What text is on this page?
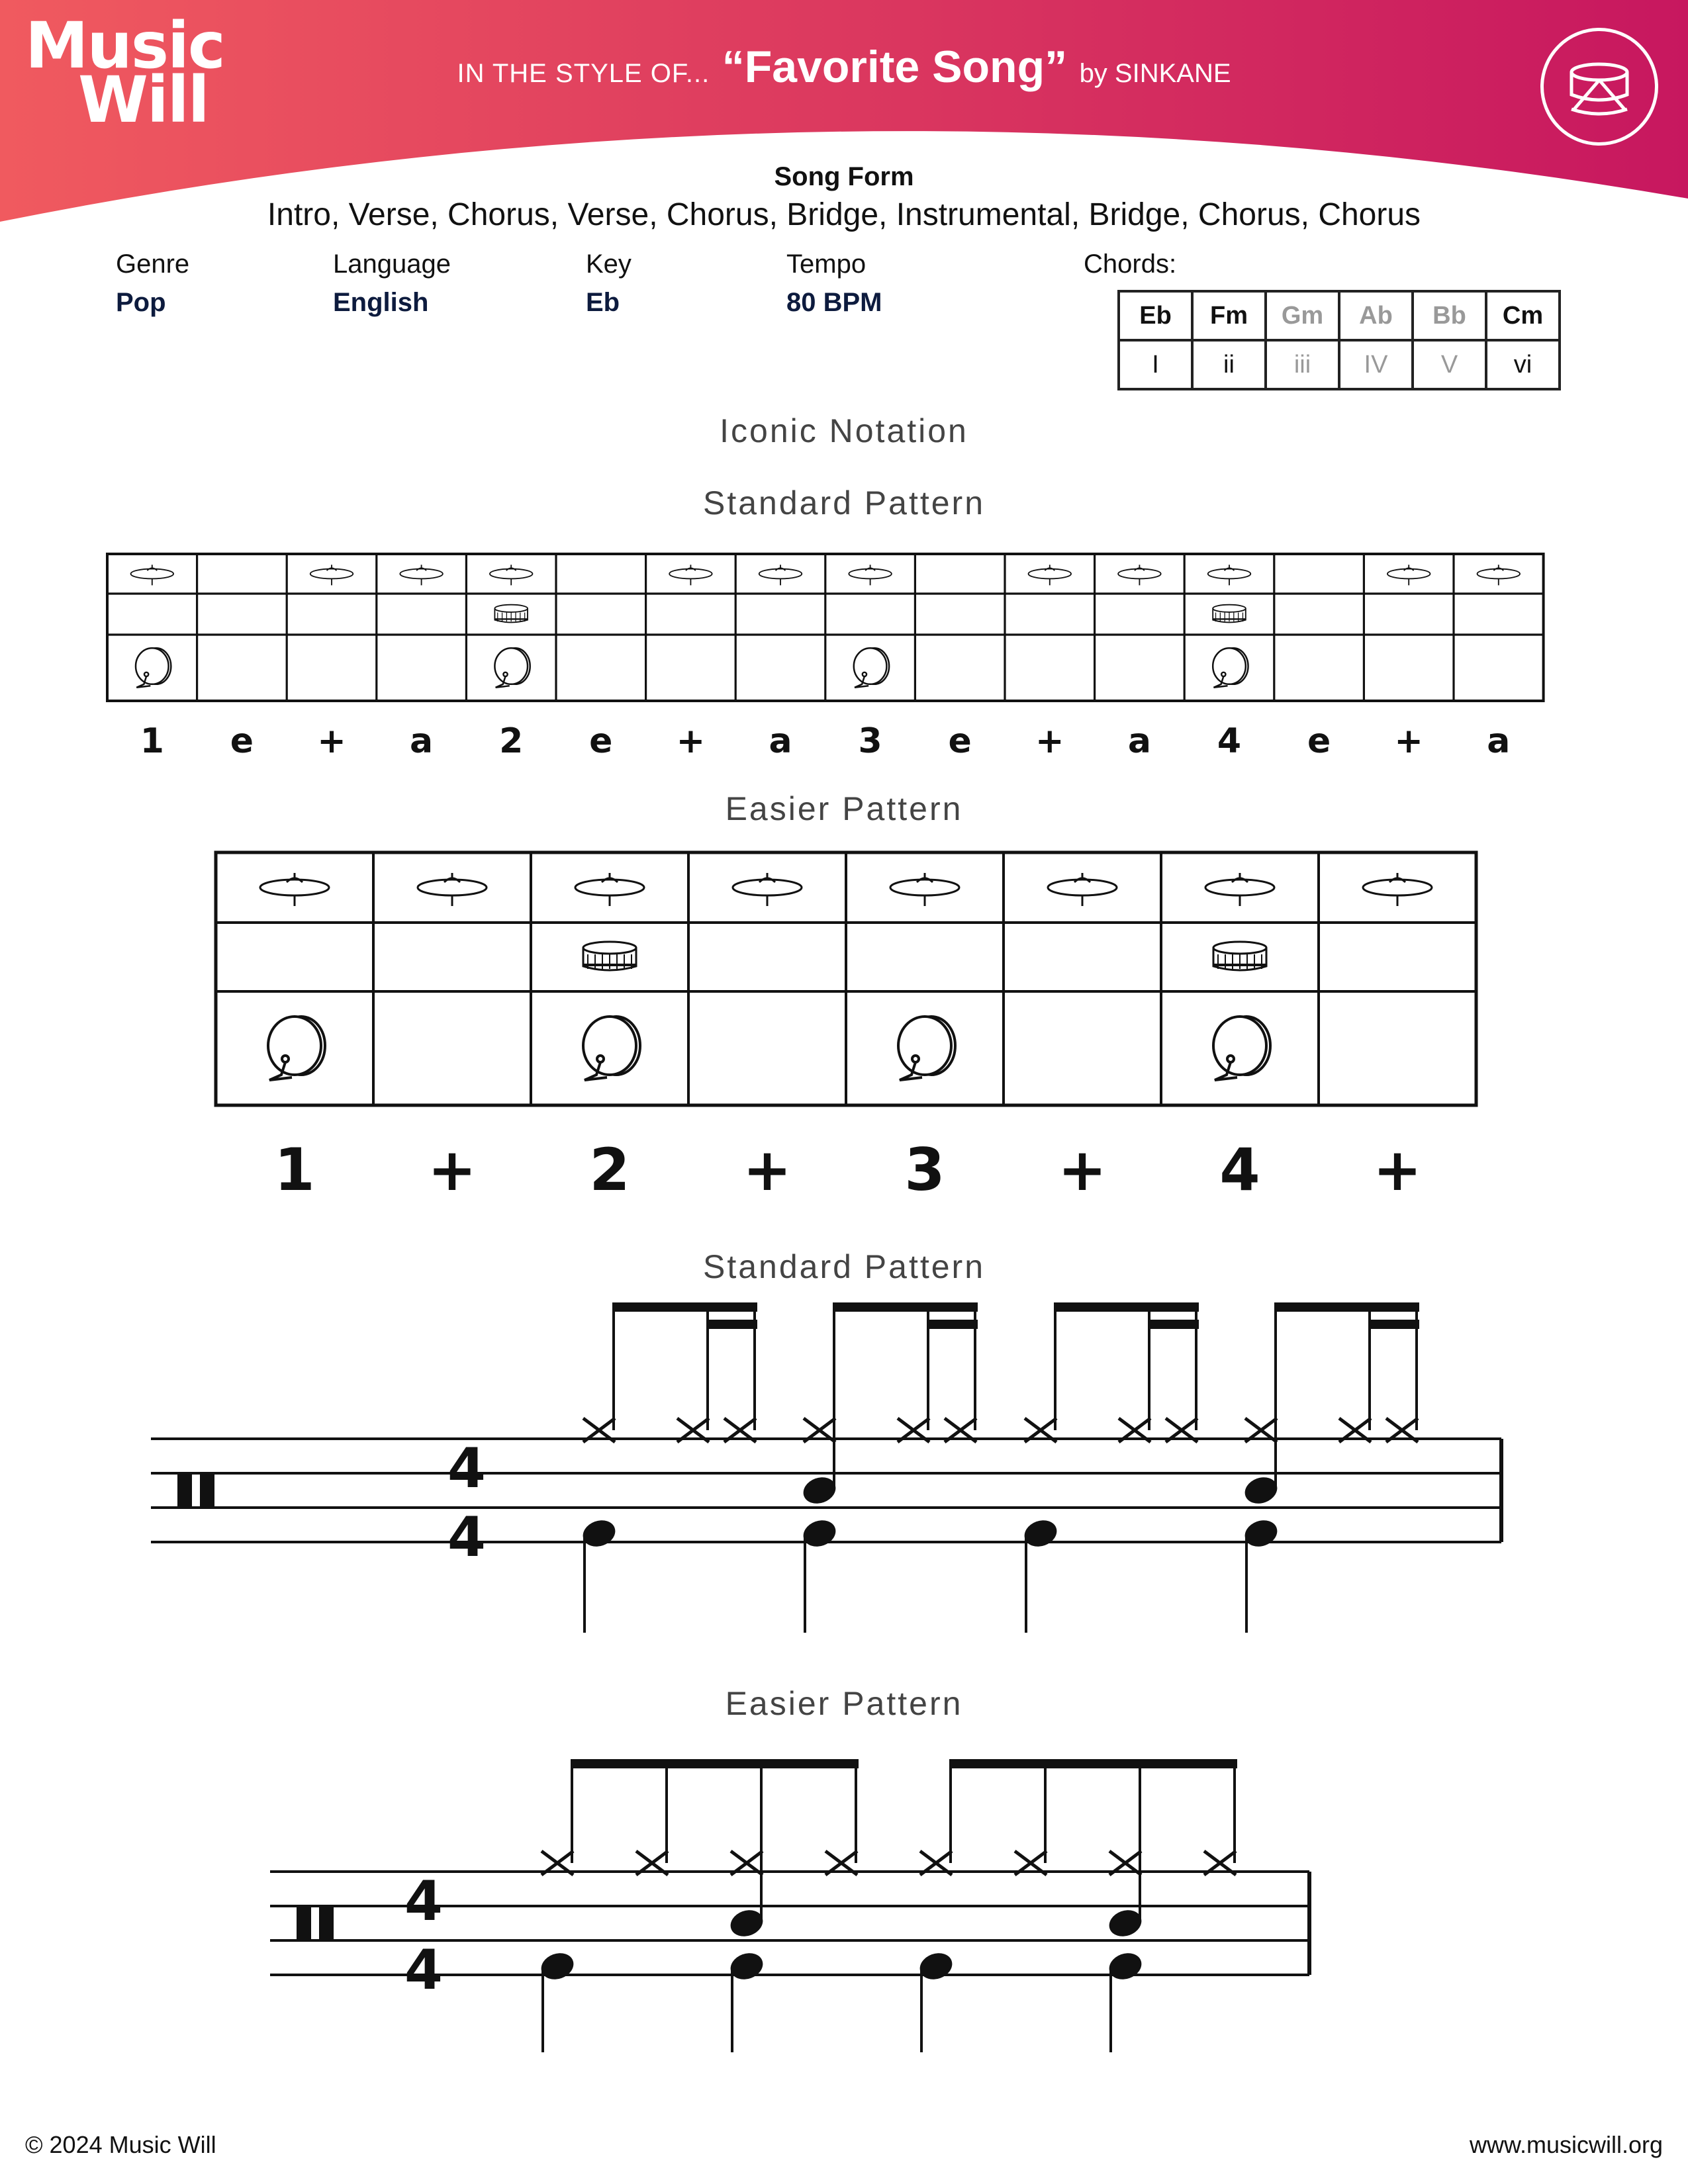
Music
Will	IN THE STYLE OF... “Favorite Song” by SINKANE
Song Form
Intro, Verse, Chorus, Verse, Chorus, Bridge, Instrumental, Bridge, Chorus, Chorus
Genre
Pop
Language
English
Key
Eb
Tempo
80 BPM
Chords:
Eb	Fm	Gm	Ab	Bb	Cm
I	ii	iii	IV	V	vi
Iconic Notation
Standard Pattern
1 e + a 2 e + a 3 e + a 4 e + a
Easier Pattern
1 + 2 + 3 + 4 +
Standard Pattern
4
4
Easier Pattern
4
4
© 2024 Music Will	www.musicwill.org
